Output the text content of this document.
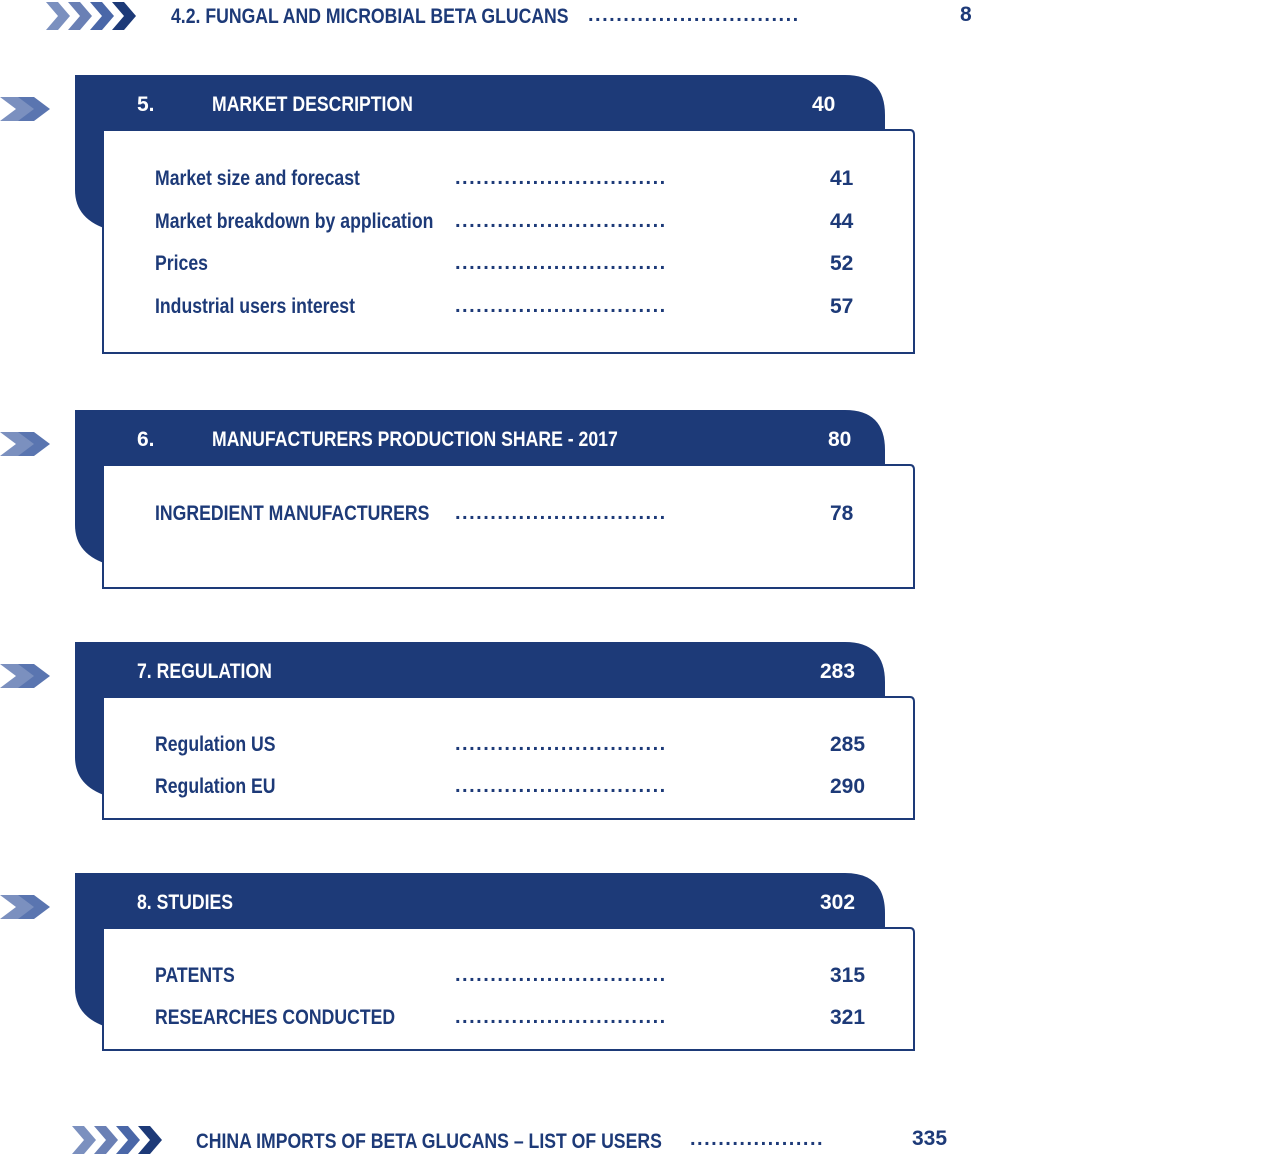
4.2. FUNGAL AND MICROBIAL BETA GLUCANS ..............................	8
5.	MARKET DESCRIPTION	40
Market size and forecast	..............................	41
Market breakdown by application	..............................	44
Prices	..............................	52
Industrial users interest	..............................	57
6.	MANUFACTURERS PRODUCTION SHARE - 2017	80
INGREDIENT MANUFACTURERS	..............................	78
7. REGULATION	283
Regulation US	..............................	285
Regulation EU	..............................	290
8. STUDIES	302
PATENTS	..............................	315
RESEARCHES CONDUCTED	..............................	321
CHINA IMPORTS OF BETA GLUCANS – LIST OF USERS	...................	335
